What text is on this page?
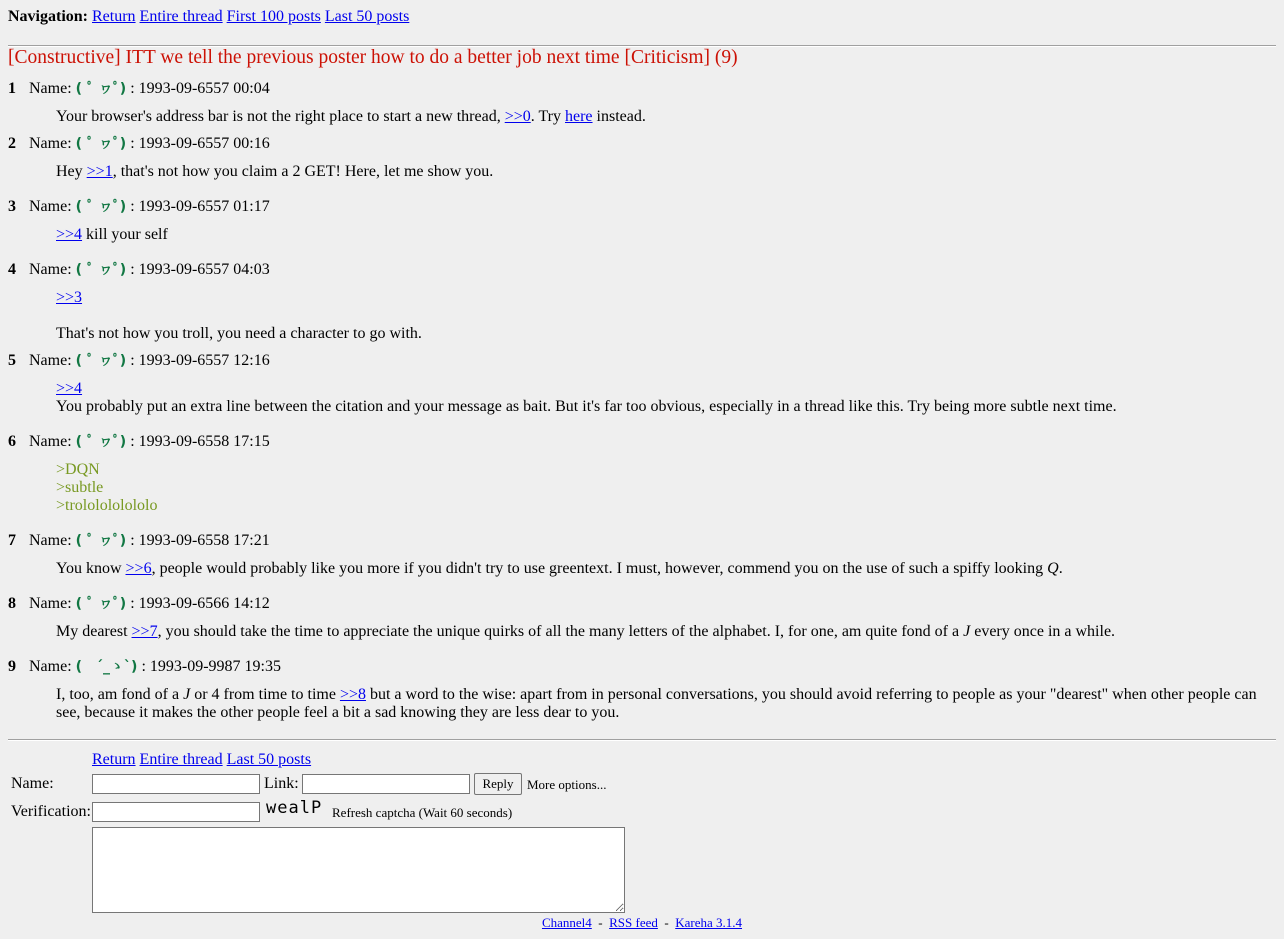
Navigation: Return Entire thread First 100 posts Last 50 posts
[Constructive] ITT we tell the previous poster how to do a better job next time [Criticism] (9)
1 Name: ( ﾟ ヮﾟ) : 1993-09-6557 00:04

Your browser's address bar is not the right place to start a new thread, >>0. Try here instead.

2 Name: ( ﾟ ヮﾟ) : 1993-09-6557 00:16

Hey >>1, that's not how you claim a 2 GET! Here, let me show you.

3 Name: ( ﾟ ヮﾟ) : 1993-09-6557 01:17

>>4 kill your self

4 Name: ( ﾟ ヮﾟ) : 1993-09-6557 04:03

>>3

That's not how you troll, you need a character to go with.

5 Name: ( ﾟ ヮﾟ) : 1993-09-6557 12:16

>>4

You probably put an extra line between the citation and your message as bait. But it's far too obvious, especially in a thread like this. Try being more subtle next time.

6 Name: ( ﾟ ヮﾟ) : 1993-09-6558 17:15

>DQN

>subtle

>trololololololo

7 Name: ( ﾟ ヮﾟ) : 1993-09-6558 17:21

You know >>6, people would probably like you more if you didn't try to use greentext. I must, however, commend you on the use of such a spiffy looking Q.

8 Name: ( ﾟ ヮﾟ) : 1993-09-6566 14:12

My dearest >>7, you should take the time to appreciate the unique quirks of all the many letters of the alphabet. I, for one, am quite fond of a J every once in a while.

9 Name: (　´_ゝ`) : 1993-09-9987 19:35

I, too, am fond of a J or 4 from time to time >>8 but a word to the wise: apart from in personal conversations, you should avoid referring to people as your "dearest" when other people can see, because it makes the other people feel a bit a sad knowing they are less dear to you.

Return Entire thread Last 50 posts
Name:	Link:	Reply	More options...
Verification:	wealP Refresh captcha (Wait 60 seconds)
Channel4 - RSS feed - Kareha 3.1.4
